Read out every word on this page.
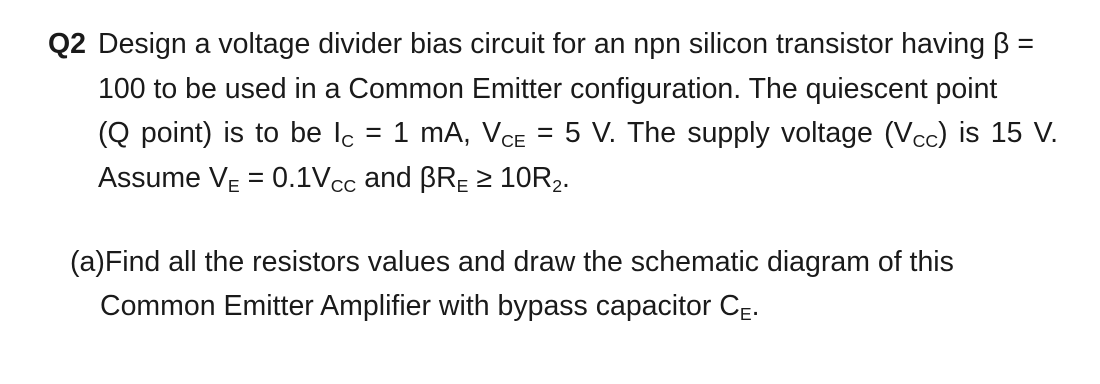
Q2 Design a voltage divider bias circuit for an npn silicon transistor having β =
100 to be used in a Common Emitter configuration. The quiescent point
(Q point) is to be $I_C = 1$ mA, $V_{CE} = 5$ V. The supply voltage $(V_{CC})$ is 15 V.
Assume $V_E = 0.1V_{CC}$ and $\beta R_E \ge 10R_2$.
(a)Find all the resistors values and draw the schematic diagram of this
Common Emitter Amplifier with bypass capacitor $C_E$.
